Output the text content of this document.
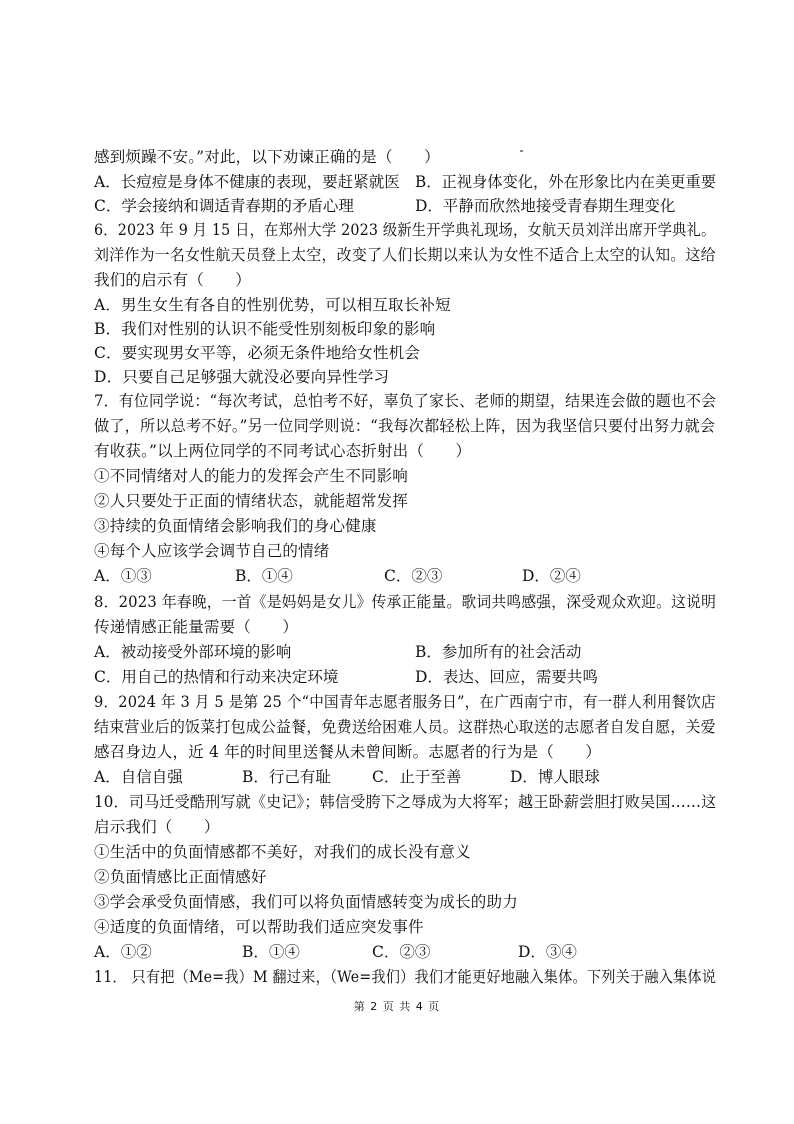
感到烦躁不安。”对此，以下劝谏正确的是（　　）
A．长痘痘是身体不健康的表现，要赶紧就医 B．正视身体变化，外在形象比内在美更重要
C．学会接纳和调适青春期的矛盾心理	D．平静而欣然地接受青春期生理变化
6．2023 年 9 月 15 日，在郑州大学 2023 级新生开学典礼现场，女航天员刘洋出席开学典礼。
刘洋作为一名女性航天员登上太空，改变了人们长期以来认为女性不适合上太空的认知。这给
我们的启示有（　　）
A．男生女生有各自的性别优势，可以相互取长补短
B．我们对性别的认识不能受性别刻板印象的影响
C．要实现男女平等，必须无条件地给女性机会
D．只要自己足够强大就没必要向异性学习
7．有位同学说：“每次考试，总怕考不好，辜负了家长、老师的期望，结果连会做的题也不会
做了，所以总考不好。”另一位同学则说：“我每次都轻松上阵，因为我坚信只要付出努力就会
有收获。”以上两位同学的不同考试心态折射出（　　）
①不同情绪对人的能力的发挥会产生不同影响
②人只要处于正面的情绪状态，就能超常发挥
③持续的负面情绪会影响我们的身心健康
④每个人应该学会调节自己的情绪
A．①③	B．①④	C．②③	D．②④
8．2023 年春晚，一首《是妈妈是女儿》传承正能量。歌词共鸣感强，深受观众欢迎。这说明
传递情感正能量需要（　　）
A．被动接受外部环境的影响	B．参加所有的社会活动
C．用自己的热情和行动来决定环境	D．表达、回应，需要共鸣
9．2024 年 3 月 5 是第 25 个“中国青年志愿者服务日”，在广西南宁市，有一群人利用餐饮店
结束营业后的饭菜打包成公益餐，免费送给困难人员。这群热心取送的志愿者自发自愿，关爱
感召身边人，近 4 年的时间里送餐从未曾间断。志愿者的行为是（　　）
A．自信自强	B．行己有耻	C．止于至善	D．博人眼球
10．司马迁受酷刑写就《史记》；韩信受胯下之辱成为大将军；越王卧薪尝胆打败吴国……这
启示我们（　　）
①生活中的负面情感都不美好，对我们的成长没有意义
②负面情感比正面情感好
③学会承受负面情感，我们可以将负面情感转变为成长的助力
④适度的负面情绪，可以帮助我们适应突发事件
A．①②	B．①④	C．②③	D．③④
11． 只有把（Me=我）M 翻过来，（We=我们）我们才能更好地融入集体。下列关于融入集体说
第 2 页 共 4 页
